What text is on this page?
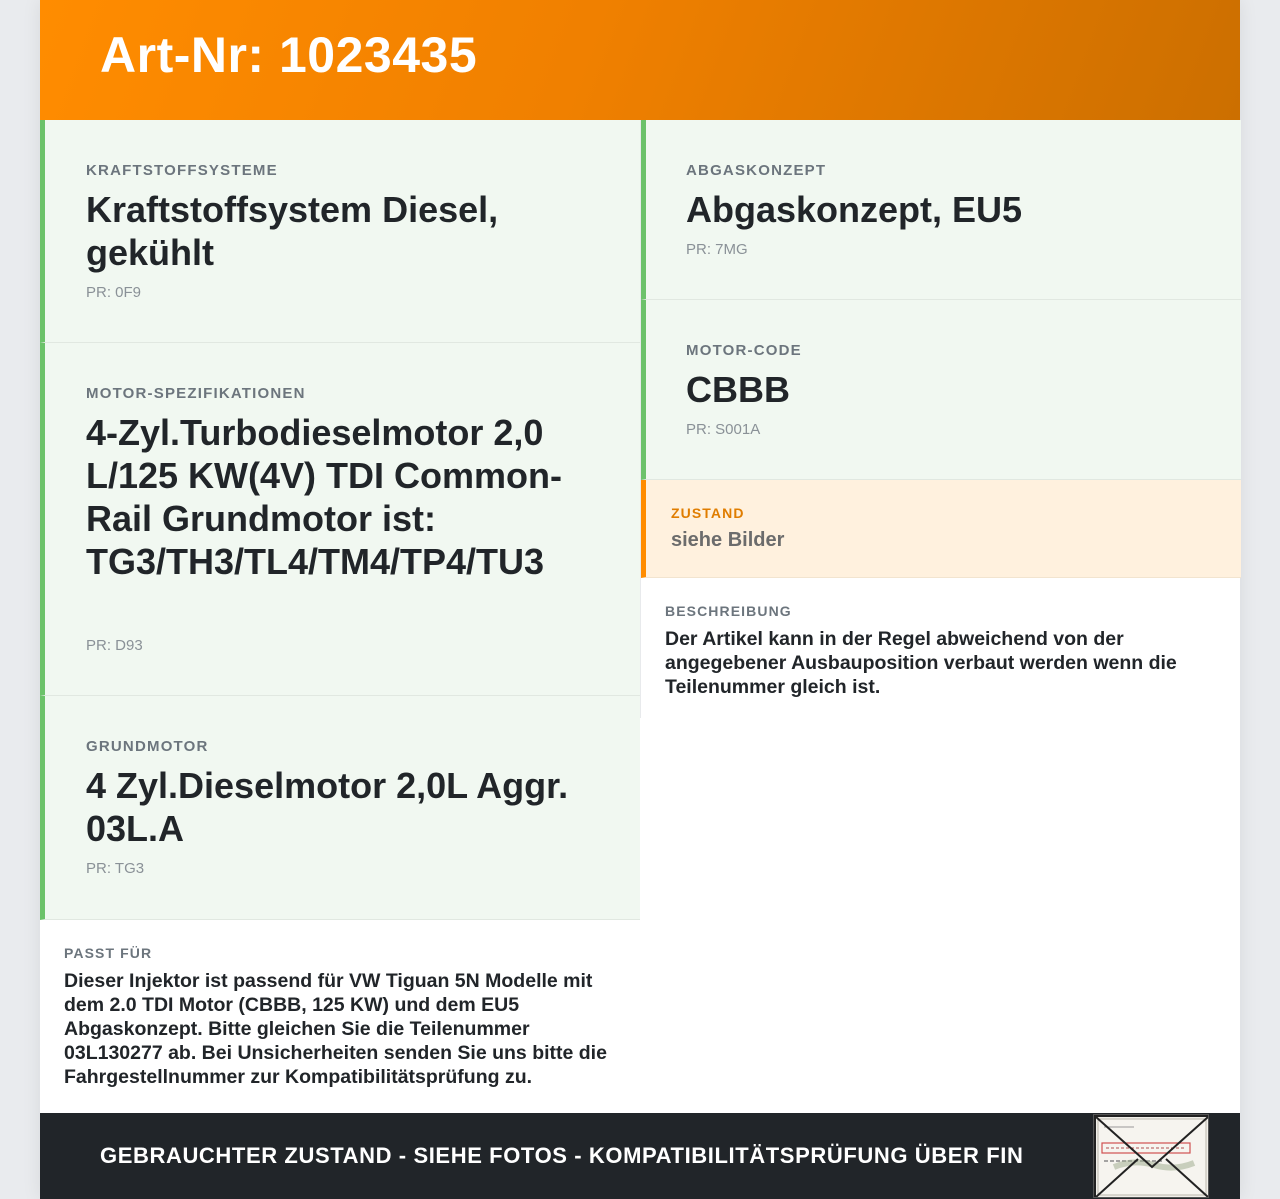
Art-Nr: 1023435
KRAFTSTOFFSYSTEME
Kraftstoffsystem Diesel, gekühlt
PR: 0F9
MOTOR-SPEZIFIKATIONEN
4-Zyl.Turbodieselmotor 2,0 L/125 KW(4V) TDI Common-Rail Grundmotor ist: TG3/TH3/TL4/TM4/TP4/TU3
PR: D93
GRUNDMOTOR
4 Zyl.Dieselmotor 2,0L Aggr. 03L.A
PR: TG3
PASST FÜR
Dieser Injektor ist passend für VW Tiguan 5N Modelle mit dem 2.0 TDI Motor (CBBB, 125 KW) und dem EU5 Abgaskonzept. Bitte gleichen Sie die Teilenummer 03L130277 ab. Bei Unsicherheiten senden Sie uns bitte die Fahrgestellnummer zur Kompatibilitätsprüfung zu.
ABGASKONZEPT
Abgaskonzept, EU5
PR: 7MG
MOTOR-CODE
CBBB
PR: S001A
ZUSTAND
siehe Bilder
BESCHREIBUNG
Der Artikel kann in der Regel abweichend von der angegebener Ausbauposition verbaut werden wenn die Teilenummer gleich ist.
GEBRAUCHTER ZUSTAND - SIEHE FOTOS - KOMPATIBILITÄTSPRÜFUNG ÜBER FIN
